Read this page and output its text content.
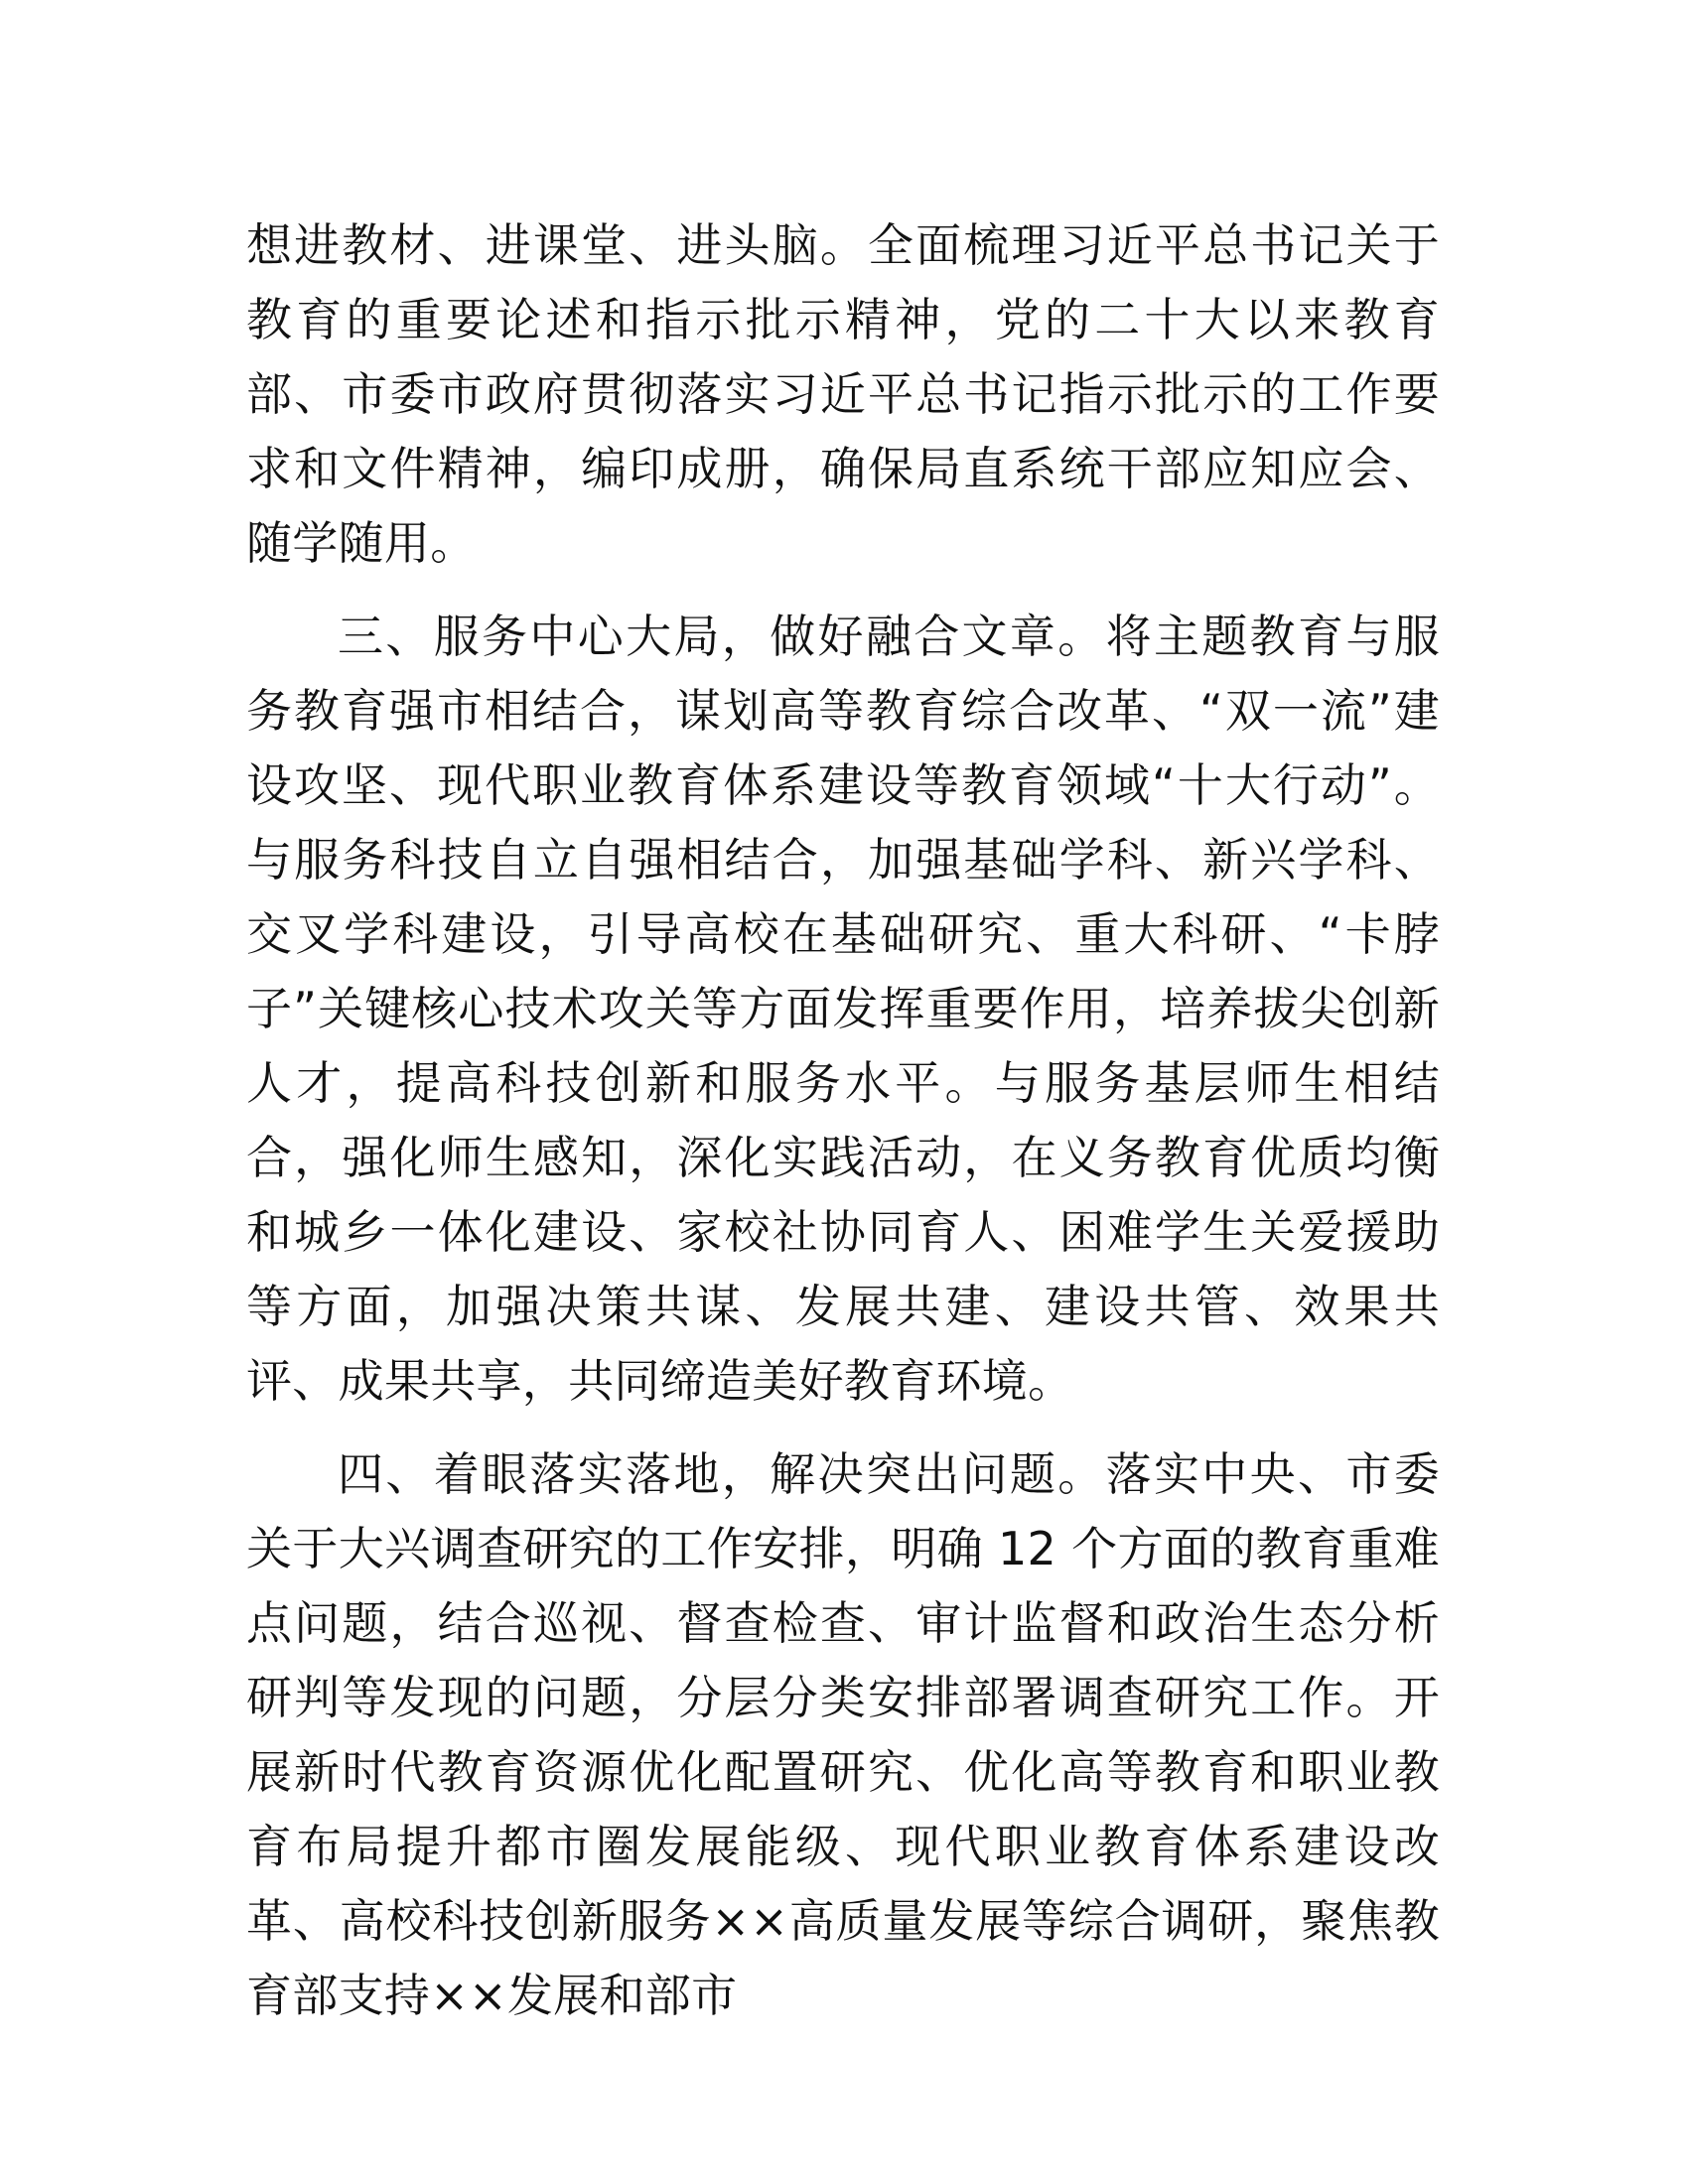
想进教材、进课堂、进头脑。全面梳理习近平总书记关于教育的重要论述和指示批示精神，党的二十大以来教育部、市委市政府贯彻落实习近平总书记指示批示的工作要求和文件精神，编印成册，确保局直系统干部应知应会、随学随用。

三、服务中心大局，做好融合文章。将主题教育与服务教育强市相结合，谋划高等教育综合改革、“双一流”建设攻坚、现代职业教育体系建设等教育领域“十大行动”。与服务科技自立自强相结合，加强基础学科、新兴学科、交叉学科建设，引导高校在基础研究、重大科研、“卡脖子”关键核心技术攻关等方面发挥重要作用，培养拔尖创新人才，提高科技创新和服务水平。与服务基层师生相结合，强化师生感知，深化实践活动，在义务教育优质均衡和城乡一体化建设、家校社协同育人、困难学生关爱援助等方面，加强决策共谋、发展共建、建设共管、效果共评、成果共享，共同缔造美好教育环境。

四、着眼落实落地，解决突出问题。落实中央、市委关于大兴调查研究的工作安排，明确 12 个方面的教育重难点问题，结合巡视、督查检查、审计监督和政治生态分析研判等发现的问题，分层分类安排部署调查研究工作。开展新时代教育资源优化配置研究、优化高等教育和职业教育布局提升都市圈发展能级、现代职业教育体系建设改革、高校科技创新服务××高质量发展等综合调研，聚焦教育部支持××发展和部市
